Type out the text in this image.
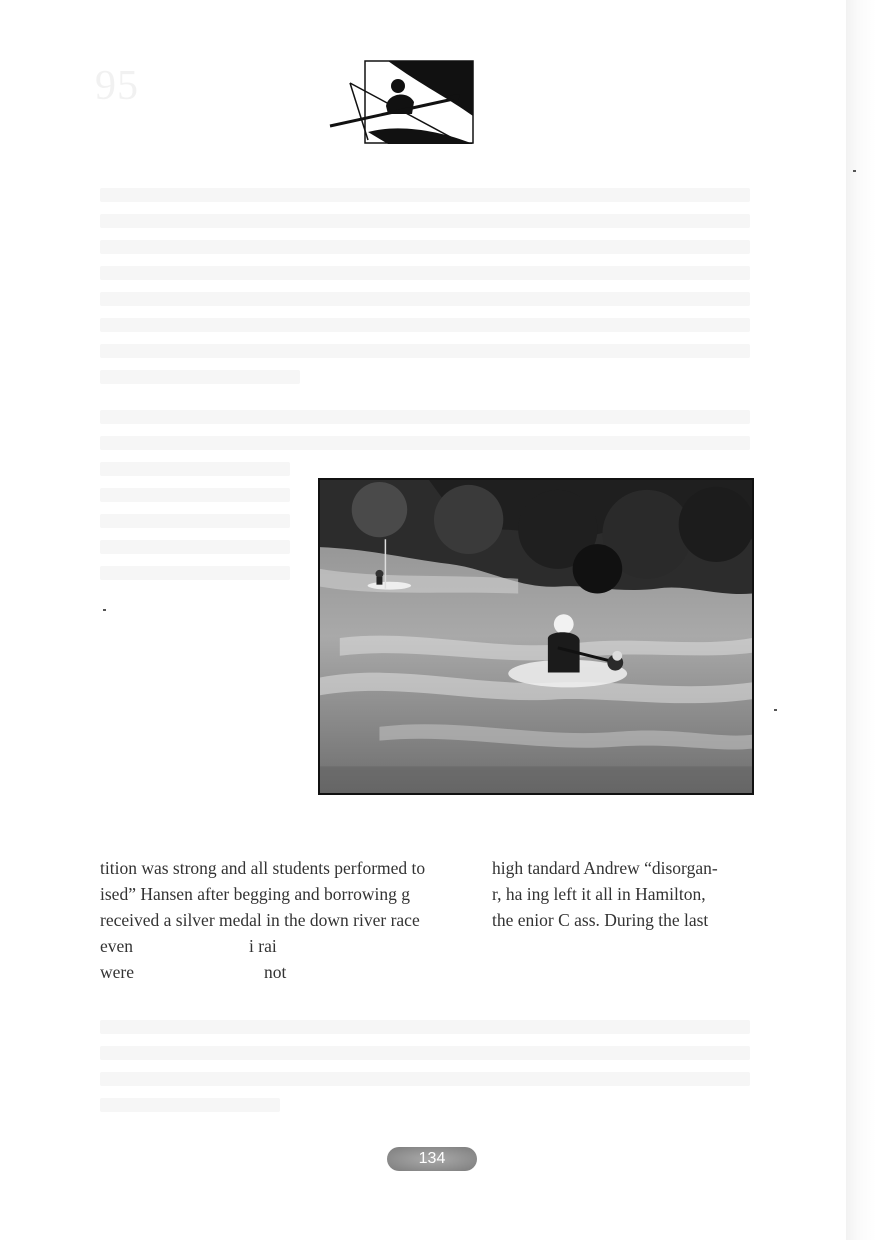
95
tition was strong and all students performed to
ised” Hansen after begging and borrowing g
received a silver medal in the down river race
high tandard Andrew “disorgan-
r, ha ing left it all in Hamilton,
the enior C ass. During the last
even
were
i rai
not
134
